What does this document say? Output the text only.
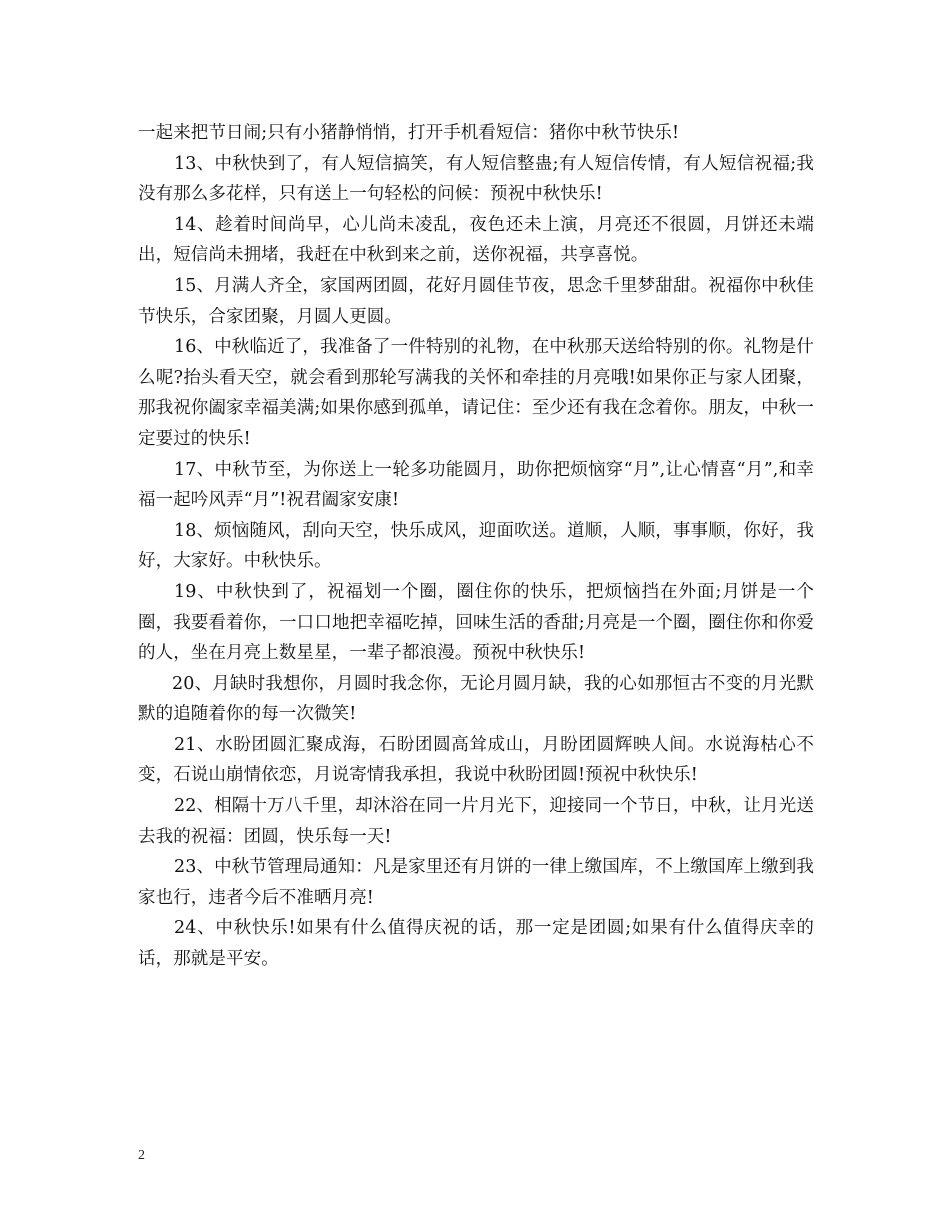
一起来把节日闹;只有小猪静悄悄，打开手机看短信：猪你中秋节快乐!

13、中秋快到了，有人短信搞笑，有人短信整蛊;有人短信传情，有人短信祝福;我没有那么多花样，只有送上一句轻松的问候：预祝中秋快乐!

14、趁着时间尚早，心儿尚未凌乱，夜色还未上演，月亮还不很圆，月饼还未端出，短信尚未拥堵，我赶在中秋到来之前，送你祝福，共享喜悦。

15、月满人齐全，家国两团圆，花好月圆佳节夜，思念千里梦甜甜。祝福你中秋佳节快乐，合家团聚，月圆人更圆。

16、中秋临近了，我准备了一件特别的礼物，在中秋那天送给特别的你。礼物是什么呢?抬头看天空，就会看到那轮写满我的关怀和牵挂的月亮哦!如果你正与家人团聚，那我祝你阖家幸福美满;如果你感到孤单，请记住：至少还有我在念着你。朋友，中秋一定要过的快乐!

17、中秋节至，为你送上一轮多功能圆月，助你把烦恼穿“月”,让心情喜“月”,和幸福一起吟风弄“月”!祝君阖家安康!

18、烦恼随风，刮向天空，快乐成风，迎面吹送。道顺，人顺，事事顺，你好，我好，大家好。中秋快乐。

19、中秋快到了，祝福划一个圈，圈住你的快乐，把烦恼挡在外面;月饼是一个圈，我要看着你，一口口地把幸福吃掉，回味生活的香甜;月亮是一个圈，圈住你和你爱的人，坐在月亮上数星星，一辈子都浪漫。预祝中秋快乐!

20、月缺时我想你，月圆时我念你，无论月圆月缺，我的心如那恒古不变的月光默默的追随着你的每一次微笑!

21、水盼团圆汇聚成海，石盼团圆高耸成山，月盼团圆辉映人间。水说海枯心不变，石说山崩情依恋，月说寄情我承担，我说中秋盼团圆!预祝中秋快乐!

22、相隔十万八千里，却沐浴在同一片月光下，迎接同一个节日，中秋，让月光送去我的祝福：团圆，快乐每一天!

23、中秋节管理局通知：凡是家里还有月饼的一律上缴国库，不上缴国库上缴到我家也行，违者今后不准晒月亮!

24、中秋快乐!如果有什么值得庆祝的话，那一定是团圆;如果有什么值得庆幸的话，那就是平安。

2
